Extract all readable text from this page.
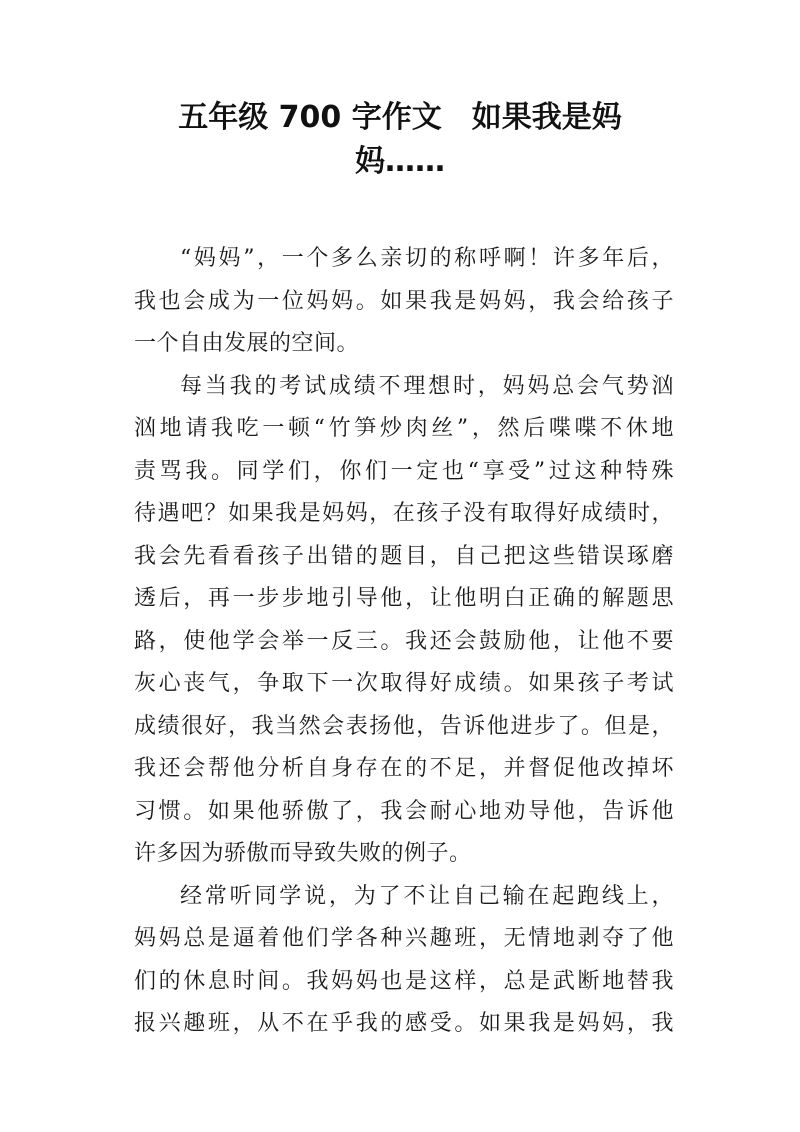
五年级 700 字作文　如果我是妈
妈……
“妈妈”，一个多么亲切的称呼啊！许多年后，
我也会成为一位妈妈。如果我是妈妈，我会给孩子
一个自由发展的空间。
每当我的考试成绩不理想时，妈妈总会气势汹
汹地请我吃一顿“竹笋炒肉丝”，然后喋喋不休地
责骂我。同学们，你们一定也“享受”过这种特殊
待遇吧？如果我是妈妈，在孩子没有取得好成绩时，
我会先看看孩子出错的题目，自己把这些错误琢磨
透后，再一步步地引导他，让他明白正确的解题思
路，使他学会举一反三。我还会鼓励他，让他不要
灰心丧气，争取下一次取得好成绩。如果孩子考试
成绩很好，我当然会表扬他，告诉他进步了。但是，
我还会帮他分析自身存在的不足，并督促他改掉坏
习惯。如果他骄傲了，我会耐心地劝导他，告诉他
许多因为骄傲而导致失败的例子。
经常听同学说，为了不让自己输在起跑线上，
妈妈总是逼着他们学各种兴趣班，无情地剥夺了他
们的休息时间。我妈妈也是这样，总是武断地替我
报兴趣班，从不在乎我的感受。如果我是妈妈，我
